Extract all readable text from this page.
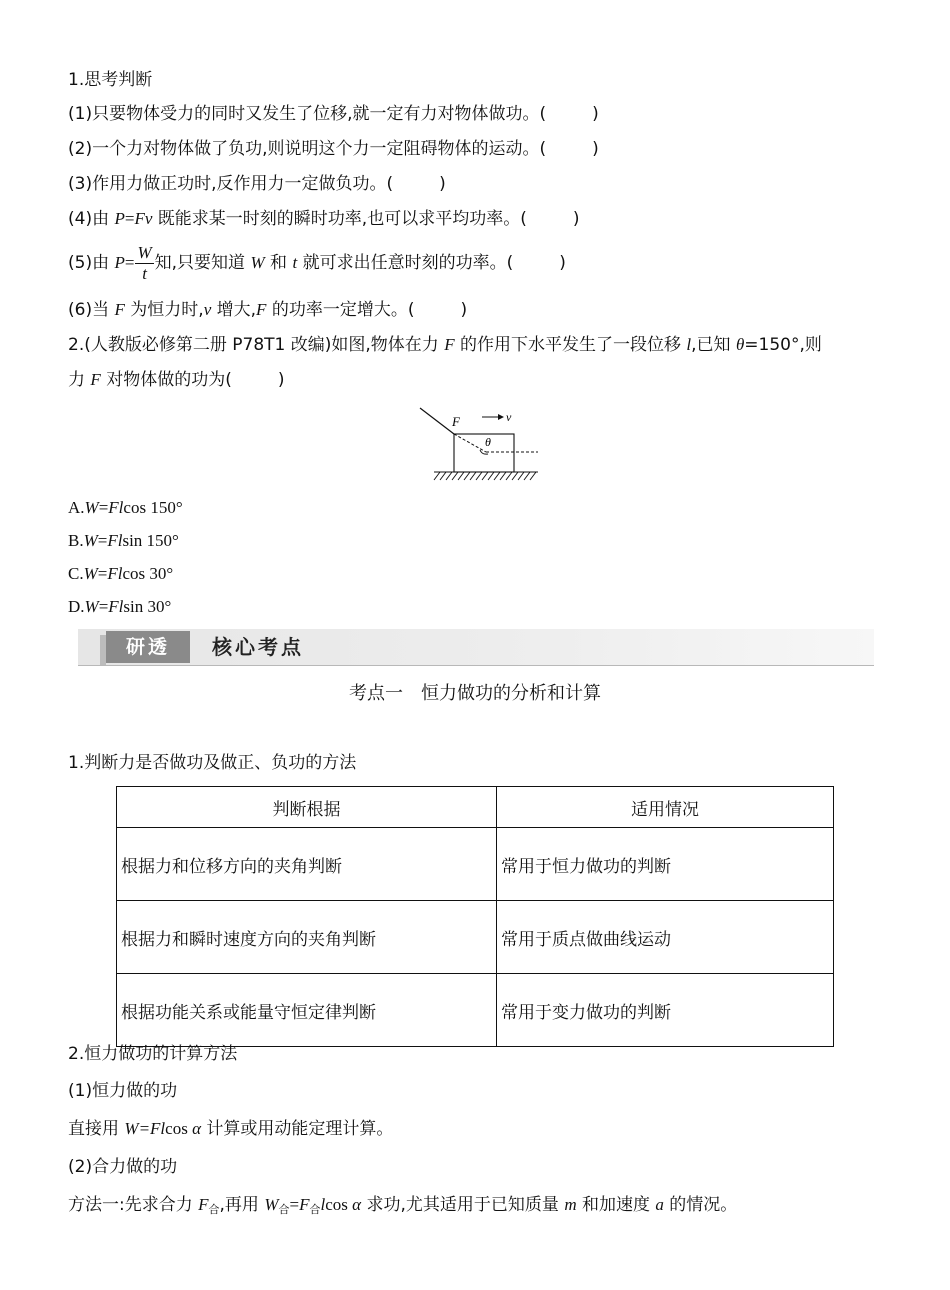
1.思考判断
(1)只要物体受力的同时又发生了位移,就一定有力对物体做功。(	)
(2)一个力对物体做了负功,则说明这个力一定阻碍物体的运动。(	)
(3)作用力做正功时,反作用力一定做负功。(	)
(4)由 P=Fv 既能求某一时刻的瞬时功率,也可以求平均功率。(	)
(5)由 $P= \frac{W}{t}$ 知,只要知道 W 和 t 就可求出任意时刻的功率。(	)
(6)当 F 为恒力时,v 增大,F 的功率一定增大。(	)
2.(人教版必修第二册 P78T1 改编)如图,物体在力 F 的作用下水平发生了一段位移 l,已知 θ=150°,则
力 F 对物体做的功为(	)
F	v
θ
A.W=Flcos 150°
B.W=Flsin 150°
C.W=Flcos 30°
D.W=Flsin 30°
研透	核心考点
考点一　恒力做功的分析和计算
1.判断力是否做功及做正、负功的方法
判断根据	适用情况
根据力和位移方向的夹角判断	常用于恒力做功的判断
根据力和瞬时速度方向的夹角判断	常用于质点做曲线运动
根据功能关系或能量守恒定律判断	常用于变力做功的判断
2.恒力做功的计算方法
(1)恒力做的功
直接用 W=Flcos α 计算或用动能定理计算。
(2)合力做的功
方法一:先求合力 $F_合$,再用 $W_合=F_合lcos$ α 求功,尤其适用于已知质量 m 和加速度 a 的情况。
